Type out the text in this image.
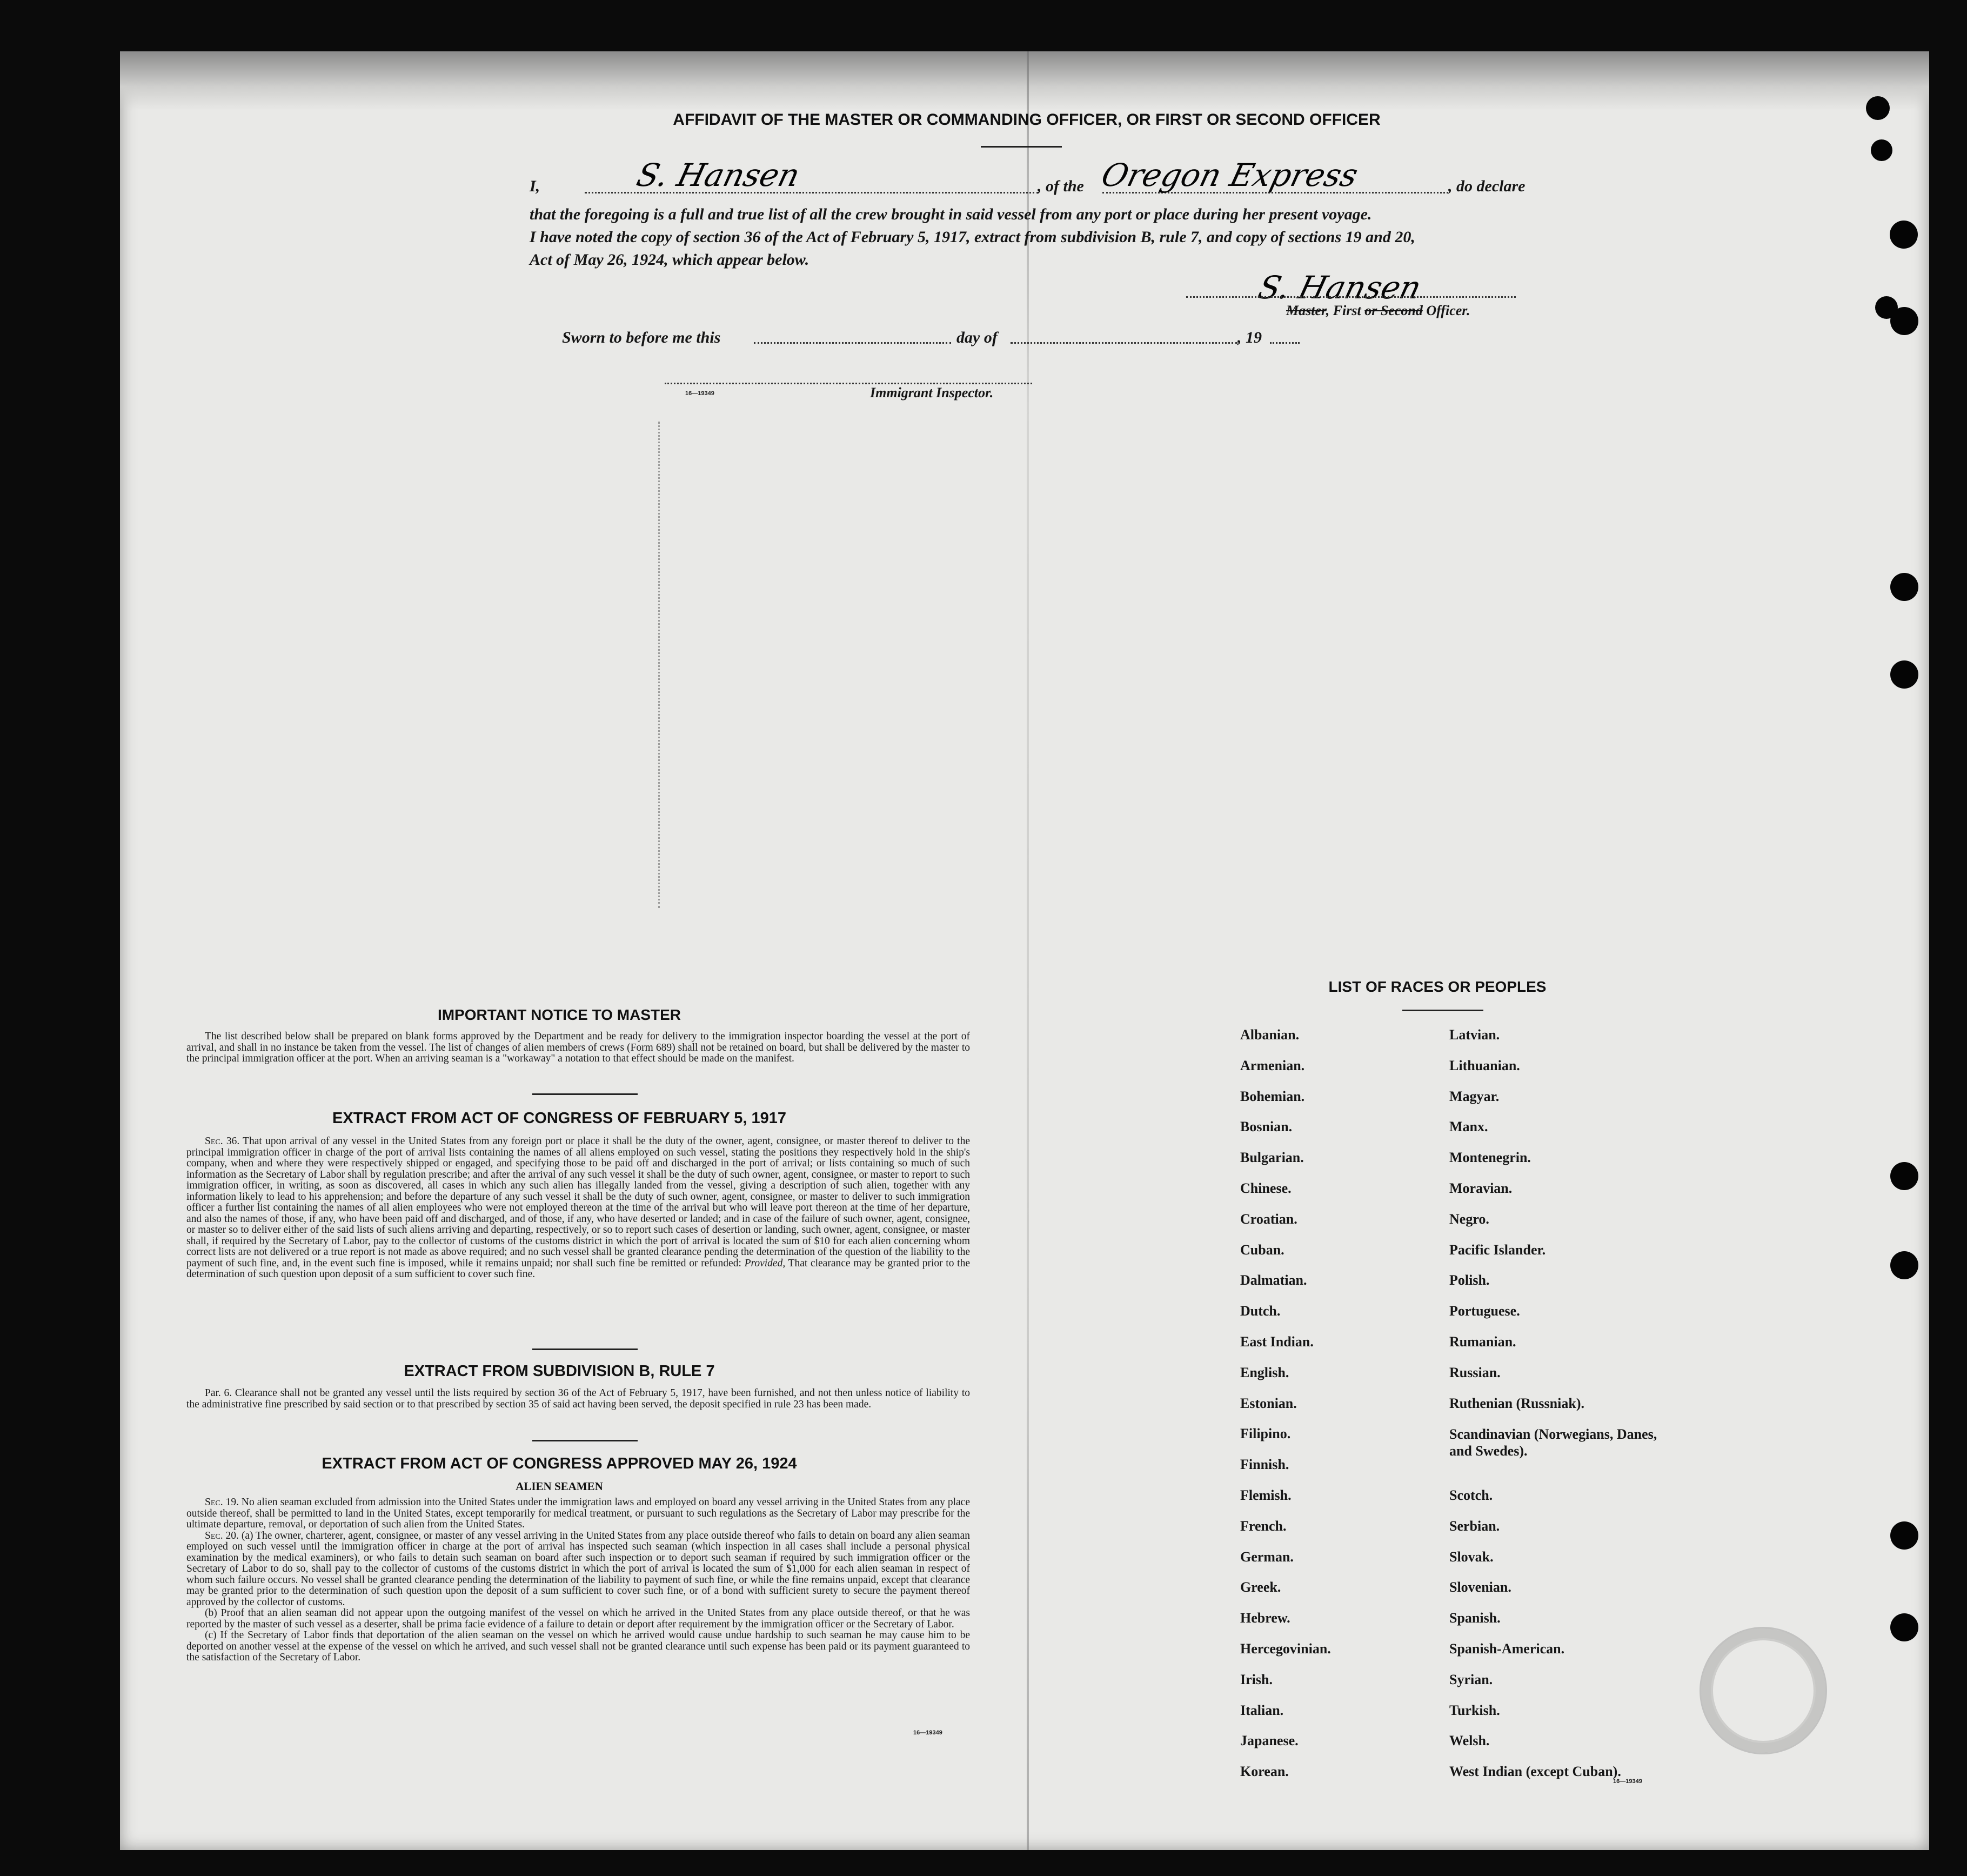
AFFIDAVIT OF THE MASTER OR COMMANDING OFFICER, OR FIRST OR SECOND OFFICER
I,	S. Hansen	, of the Oregon Express	, do declare
that the foregoing is a full and true list of all the crew brought in said vessel from any port or place during her present voyage.
I have noted the copy of section 36 of the Act of February 5, 1917, extract from subdivision B, rule 7, and copy of sections 19 and 20,
Act of May 26, 1924, which appear below.
S. Hansen
Master, First or Second Officer.
Sworn to before me this	day of	, 19
16—19349	Immigrant Inspector.
IMPORTANT NOTICE TO MASTER

The list described below shall be prepared on blank forms approved by the Department and be ready for delivery to the immigration inspector boarding the vessel at the port of arrival, and shall in no instance be taken from the vessel. The list of changes of alien members of crews (Form 689) shall not be retained on board, but shall be delivered by the master to the principal immigration officer at the port. When an arriving seaman is a "workaway" a notation to that effect should be made on the manifest.

EXTRACT FROM ACT OF CONGRESS OF FEBRUARY 5, 1917

Sec. 36. That upon arrival of any vessel in the United States from any foreign port or place it shall be the duty of the owner, agent, consignee, or master thereof to deliver to the principal immigration officer in charge of the port of arrival lists containing the names of all aliens employed on such vessel, stating the positions they respectively hold in the ship's company, when and where they were respectively shipped or engaged, and specifying those to be paid off and discharged in the port of arrival; or lists containing so much of such information as the Secretary of Labor shall by regulation prescribe; and after the arrival of any such vessel it shall be the duty of such owner, agent, consignee, or master to report to such immigration officer, in writing, as soon as discovered, all cases in which any such alien has illegally landed from the vessel, giving a description of such alien, together with any information likely to lead to his apprehension; and before the departure of any such vessel it shall be the duty of such owner, agent, consignee, or master to deliver to such immigration officer a further list containing the names of all alien employees who were not employed thereon at the time of the arrival but who will leave port thereon at the time of her departure, and also the names of those, if any, who have been paid off and discharged, and of those, if any, who have deserted or landed; and in case of the failure of such owner, agent, consignee, or master so to deliver either of the said lists of such aliens arriving and departing, respectively, or so to report such cases of desertion or landing, such owner, agent, consignee, or master shall, if required by the Secretary of Labor, pay to the collector of customs of the customs district in which the port of arrival is located the sum of $10 for each alien concerning whom correct lists are not delivered or a true report is not made as above required; and no such vessel shall be granted clearance pending the determination of the question of the liability to the payment of such fine, and, in the event such fine is imposed, while it remains unpaid; nor shall such fine be remitted or refunded: Provided, That clearance may be granted prior to the determination of such question upon deposit of a sum sufficient to cover such fine.

EXTRACT FROM SUBDIVISION B, RULE 7

Par. 6. Clearance shall not be granted any vessel until the lists required by section 36 of the Act of February 5, 1917, have been furnished, and not then unless notice of liability to the administrative fine prescribed by said section or to that prescribed by section 35 of said act having been served, the deposit specified in rule 23 has been made.

EXTRACT FROM ACT OF CONGRESS APPROVED MAY 26, 1924
ALIEN SEAMEN

Sec. 19. No alien seaman excluded from admission into the United States under the immigration laws and employed on board any vessel arriving in the United States from any place outside thereof, shall be permitted to land in the United States, except temporarily for medical treatment, or pursuant to such regulations as the Secretary of Labor may prescribe for the ultimate departure, removal, or deportation of such alien from the United States.

Sec. 20. (a) The owner, charterer, agent, consignee, or master of any vessel arriving in the United States from any place outside thereof who fails to detain on board any alien seaman employed on such vessel until the immigration officer in charge at the port of arrival has inspected such seaman (which inspection in all cases shall include a personal physical examination by the medical examiners), or who fails to detain such seaman on board after such inspection or to deport such seaman if required by such immigration officer or the Secretary of Labor to do so, shall pay to the collector of customs of the customs district in which the port of arrival is located the sum of $1,000 for each alien seaman in respect of whom such failure occurs. No vessel shall be granted clearance pending the determination of the liability to payment of such fine, or while the fine remains unpaid, except that clearance may be granted prior to the determination of such question upon the deposit of a sum sufficient to cover such fine, or of a bond with sufficient surety to secure the payment thereof approved by the collector of customs.

(b) Proof that an alien seaman did not appear upon the outgoing manifest of the vessel on which he arrived in the United States from any place outside thereof, or that he was reported by the master of such vessel as a deserter, shall be prima facie evidence of a failure to detain or deport after requirement by the immigration officer or the Secretary of Labor.

(c) If the Secretary of Labor finds that deportation of the alien seaman on the vessel on which he arrived would cause undue hardship to such seaman he may cause him to be deported on another vessel at the expense of the vessel on which he arrived, and such vessel shall not be granted clearance until such expense has been paid or its payment guaranteed to the satisfaction of the Secretary of Labor.

16—19349
LIST OF RACES OR PEOPLES
Albanian.
Armenian.
Bohemian.
Bosnian.
Bulgarian.
Chinese.
Croatian.
Cuban.
Dalmatian.
Dutch.
East Indian.
English.
Estonian.
Filipino.
Finnish.
Flemish.
French.
German.
Greek.
Hebrew.
Hercegovinian.
Irish.
Italian.
Japanese.
Korean.
Latvian.
Lithuanian.
Magyar.
Manx.
Montenegrin.
Moravian.
Negro.
Pacific Islander.
Polish.
Portuguese.
Rumanian.
Russian.
Ruthenian (Russniak).
Scandinavian (Norwegians, Danes, and Swedes).
Scotch.
Serbian.
Slovak.
Slovenian.
Spanish.
Spanish-American.
Syrian.
Turkish.
Welsh.
West Indian (except Cuban).
16—19349
